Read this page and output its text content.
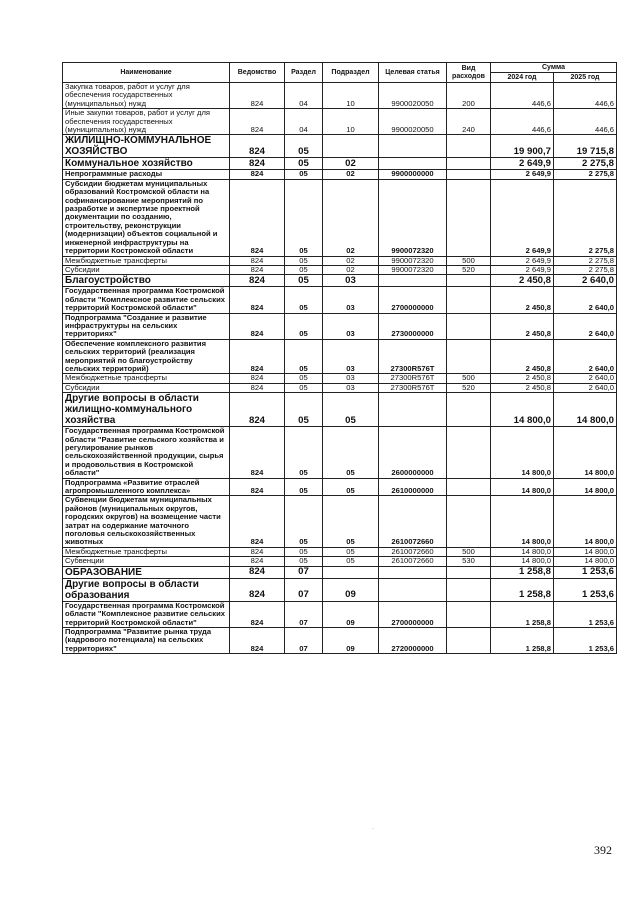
Наименование	Ведомство	Раздел	Подраздел	Целевая статья	Вид расходов	Сумма	
						2024 год	2025 год
Закупка товаров, работ и услуг для обеспечения государственных (муниципальных) нужд	824	04	10	9900020050	200	446,6	446,6
Иные закупки товаров, работ и услуг для обеспечения государственных (муниципальных) нужд	824	04	10	9900020050	240	446,6	446,6
ЖИЛИЩНО-КОММУНАЛЬНОЕ ХОЗЯЙСТВО	824	05				19 900,7	19 715,8
Коммунальное хозяйство	824	05	02			2 649,9	2 275,8
Непрограммные расходы	824	05	02	9900000000		2 649,9	2 275,8
Субсидии бюджетам муниципальных образований Костромской области на софинансирование мероприятий по разработке и экспертизе проектной документации по созданию, строительству, реконструкции (модернизации) объектов социальной и инженерной инфраструктуры на территории Костромской области	824	05	02	9900072320		2 649,9	2 275,8
Межбюджетные трансферты	824	05	02	9900072320	500	2 649,9	2 275,8
Субсидии	824	05	02	9900072320	520	2 649,9	2 275,8
Благоустройство	824	05	03			2 450,8	2 640,0
Государственная программа Костромской области "Комплексное развитие сельских территорий Костромской области"	824	05	03	2700000000		2 450,8	2 640,0
Подпрограмма "Создание и развитие инфраструктуры на сельских территориях"	824	05	03	2730000000		2 450,8	2 640,0
Обеспечение комплексного развития сельских территорий (реализация мероприятий по благоустройству сельских территорий)	824	05	03	27300R576T		2 450,8	2 640,0
Межбюджетные трансферты	824	05	03	27300R576T	500	2 450,8	2 640,0
Субсидии	824	05	03	27300R576T	520	2 450,8	2 640,0
Другие вопросы в области жилищно-коммунального хозяйства	824	05	05			14 800,0	14 800,0
Государственная программа Костромской области "Развитие сельского хозяйства и регулирование рынков сельскохозяйственной продукции, сырья и продовольствия в Костромской области"	824	05	05	2600000000		14 800,0	14 800,0
Подпрограмма «Развитие отраслей агропромышленного комплекса»	824	05	05	2610000000		14 800,0	14 800,0
Субвенции бюджетам муниципальных районов (муниципальных округов, городских округов) на возмещение части затрат на содержание маточного поголовья сельскохозяйственных животных	824	05	05	2610072660		14 800,0	14 800,0
Межбюджетные трансферты	824	05	05	2610072660	500	14 800,0	14 800,0
Субвенции	824	05	05	2610072660	530	14 800,0	14 800,0
ОБРАЗОВАНИЕ	824	07				1 258,8	1 253,6
Другие вопросы в области образования	824	07	09			1 258,8	1 253,6
Государственная программа Костромской области "Комплексное развитие сельских территорий Костромской области"	824	07	09	2700000000		1 258,8	1 253,6
Подпрограмма "Развитие рынка труда (кадрового потенциала) на сельских территориях"	824	07	09	2720000000		1 258,8	1 253,6
·
392
